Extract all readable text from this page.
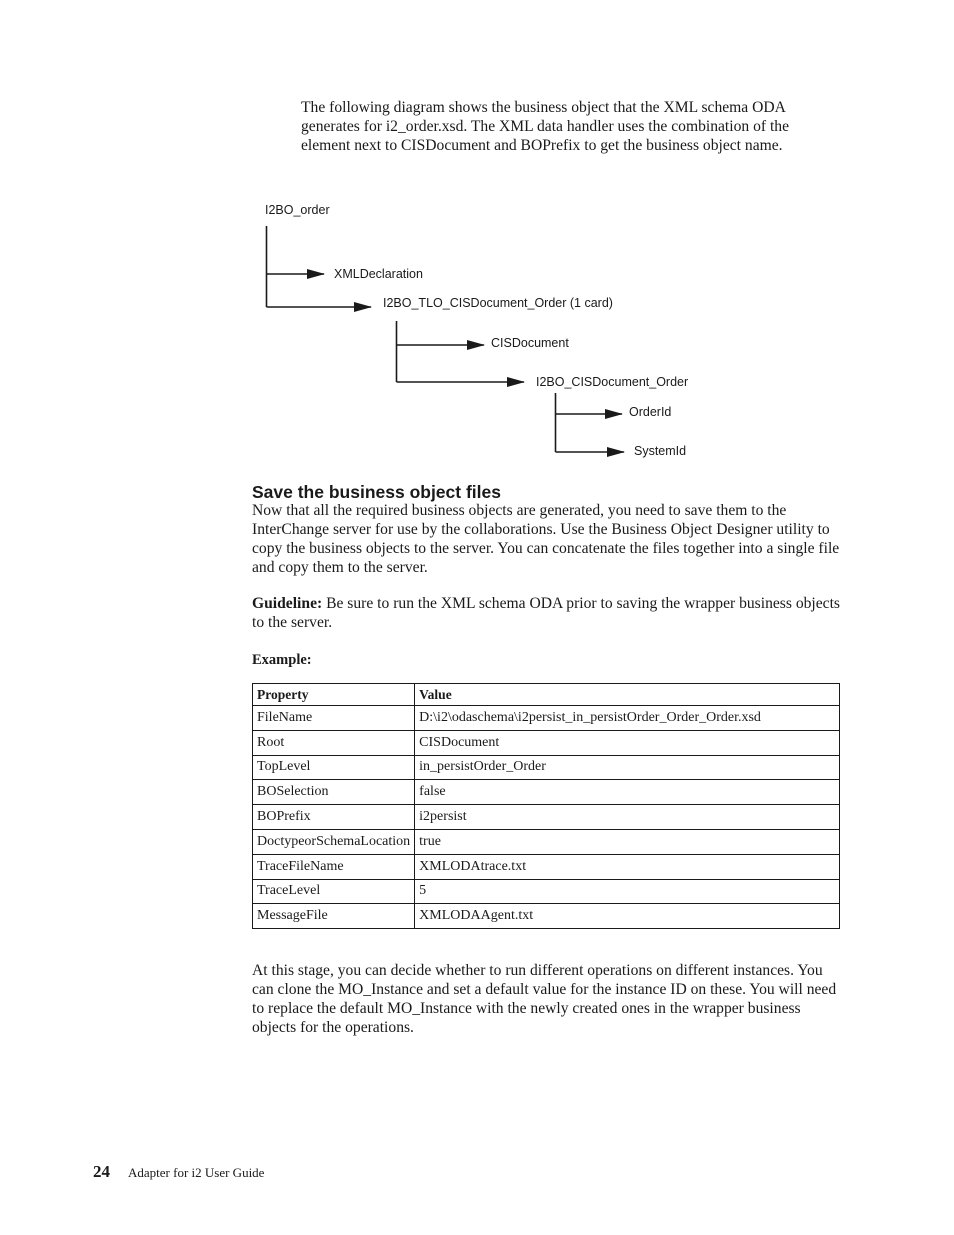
The following diagram shows the business object that the XML schema ODA generates for i2_order.xsd. The XML data handler uses the combination of the element next to CISDocument and BOPrefix to get the business object name.

I2BO_order
XMLDeclaration
I2BO_TLO_CISDocument_Order (1 card)
CISDocument
I2BO_CISDocument_Order
OrderId
SystemId
Save the business object files

Now that all the required business objects are generated, you need to save them to the InterChange server for use by the collaborations. Use the Business Object Designer utility to copy the business objects to the server. You can concatenate the files together into a single file and copy them to the server.

Guideline: Be sure to run the XML schema ODA prior to saving the wrapper business objects to the server.

Example:

Property	Value
FileName	D:\i2\odaschema\i2persist_in_persistOrder_Order_Order.xsd
Root	CISDocument
TopLevel	in_persistOrder_Order
BOSelection	false
BOPrefix	i2persist
DoctypeorSchemaLocation	true
TraceFileName	XMLODAtrace.txt
TraceLevel	5
MessageFile	XMLODAAgent.txt

At this stage, you can decide whether to run different operations on different instances. You can clone the MO_Instance and set a default value for the instance ID on these. You will need to replace the default MO_Instance with the newly created ones in the wrapper business objects for the operations.

24 Adapter for i2 User Guide
